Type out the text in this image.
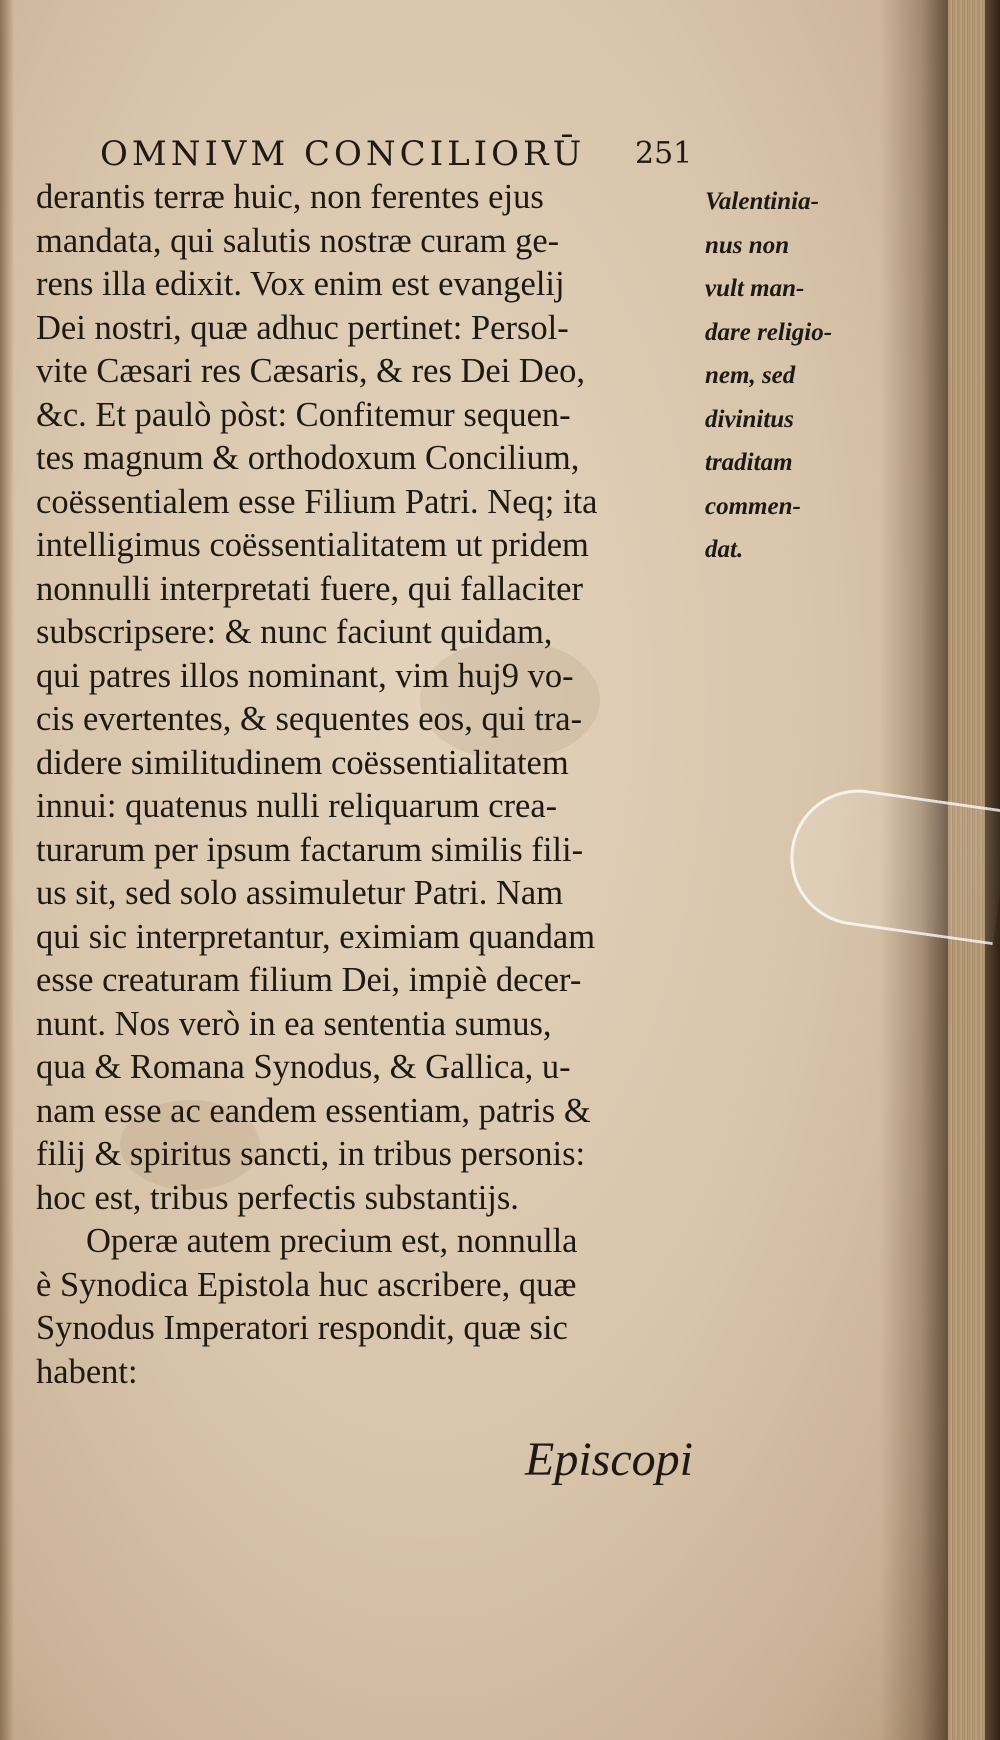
OMNIVM CONCILIORŪ 251
derantis terræ huic, non ferentes ejus
mandata, qui salutis nostræ curam ge-
rens illa edixit. Vox enim est evangelij
Dei nostri, quæ adhuc pertinet: Persol-
vite Cæsari res Cæsaris, & res Dei Deo,
&c. Et paulò pòst: Confitemur sequen-
tes magnum & orthodoxum Concilium,
coëssentialem esse Filium Patri. Neq; ita
intelligimus coëssentialitatem ut pridem
nonnulli interpretati fuere, qui fallaciter
subscripsere: & nunc faciunt quidam,
qui patres illos nominant, vim huj9 vo-
cis evertentes, & sequentes eos, qui tra-
didere similitudinem coëssentialitatem
innui: quatenus nulli reliquarum crea-
turarum per ipsum factarum similis fili-
us sit, sed solo assimuletur Patri. Nam
qui sic interpretantur, eximiam quandam
esse creaturam filium Dei, impiè decer-
nunt. Nos verò in ea sententia sumus,
qua & Romana Synodus, & Gallica, u-
nam esse ac eandem essentiam, patris &
filij & spiritus sancti, in tribus personis:
hoc est, tribus perfectis substantijs.
Operæ autem precium est, nonnulla
è Synodica Epistola huc ascribere, quæ
Synodus Imperatori respondit, quæ sic
habent:
Valentinia-
nus non
vult man-
dare religio-
nem, sed
divinitus
traditam
commen-
dat.
Episcopi
